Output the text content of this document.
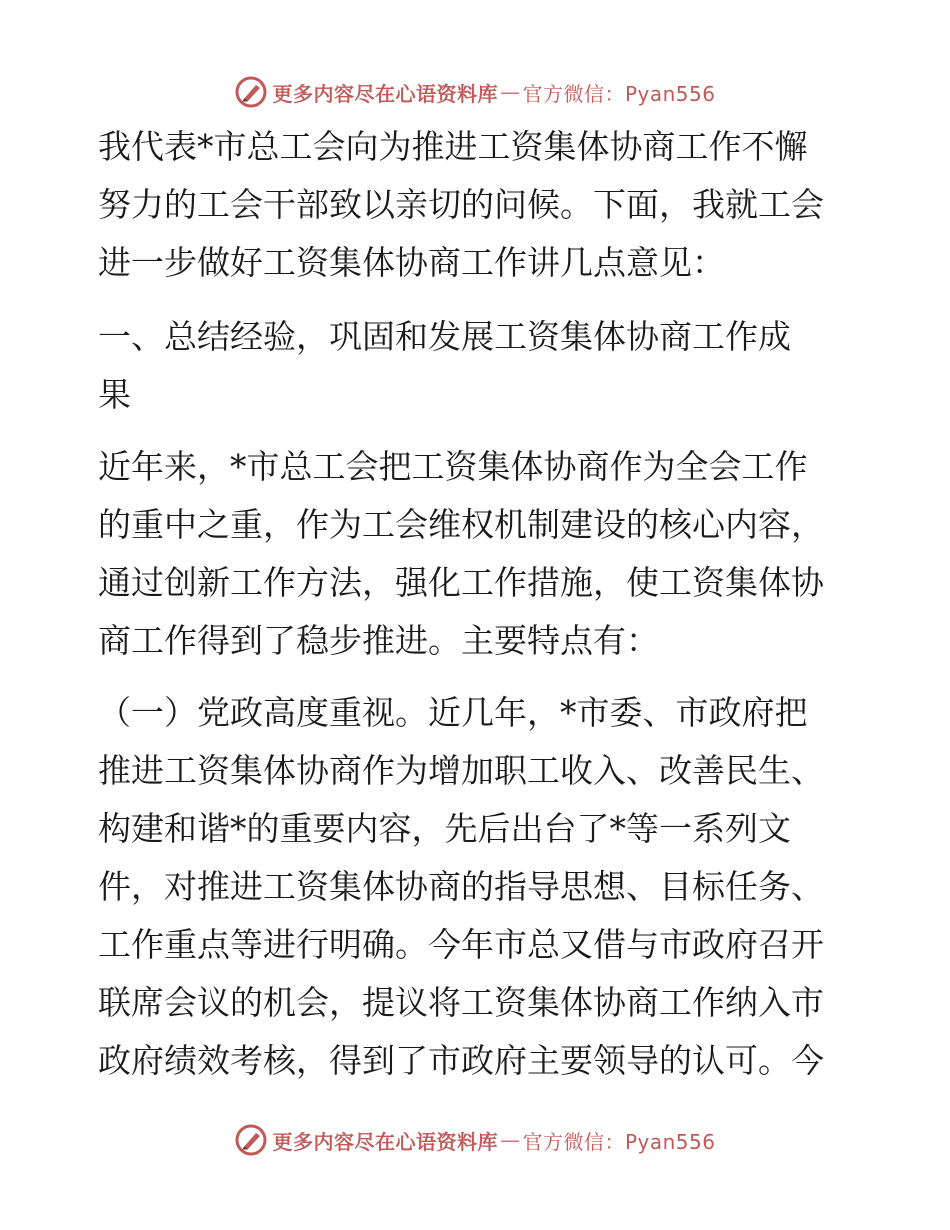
更多内容尽在心语资料库 — 官方微信：Pyan556

我代表*市总工会向为推进工资集体协商工作不懈
努力的工会干部致以亲切的问候。下面，我就工会
进一步做好工资集体协商工作讲几点意见：

一、总结经验，巩固和发展工资集体协商工作成
果

近年来，*市总工会把工资集体协商作为全会工作
的重中之重，作为工会维权机制建设的核心内容，
通过创新工作方法，强化工作措施，使工资集体协
商工作得到了稳步推进。主要特点有：

（一）党政高度重视。近几年，*市委、市政府把
推进工资集体协商作为增加职工收入、改善民生、
构建和谐*的重要内容，先后出台了*等一系列文
件，对推进工资集体协商的指导思想、目标任务、
工作重点等进行明确。今年市总又借与市政府召开
联席会议的机会，提议将工资集体协商工作纳入市
政府绩效考核，得到了市政府主要领导的认可。今

更多内容尽在心语资料库 — 官方微信：Pyan556
